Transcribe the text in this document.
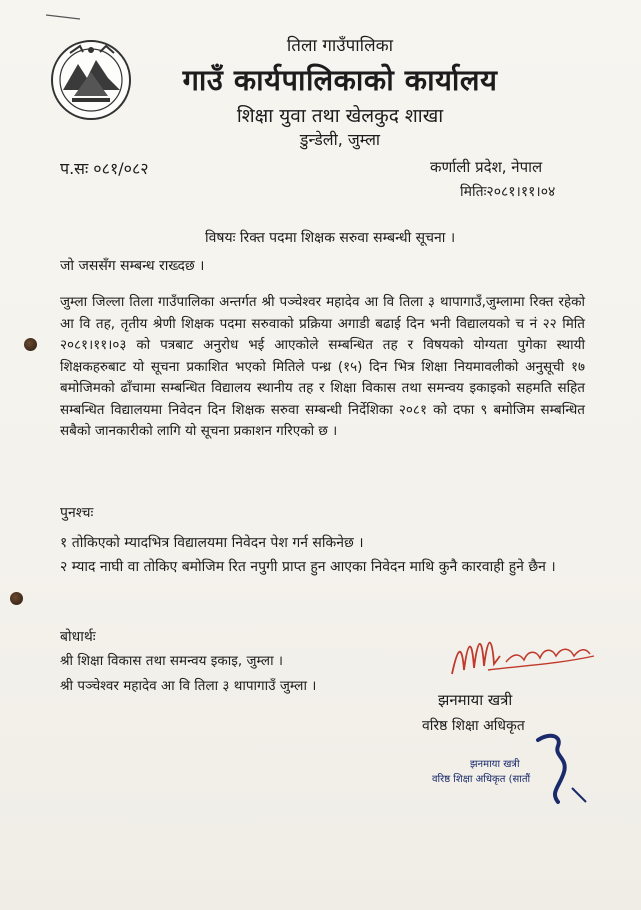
तिला गाउँपालिका
गाउँ कार्यपालिकाको कार्यालय
शिक्षा युवा तथा खेलकुद शाखा
डुन्डेली, जुम्ला
प.सः ०८१/०८२	कर्णाली प्रदेश, नेपाल
मितिः२०८१।११।०४
विषयः रिक्त पदमा शिक्षक सरुवा सम्बन्धी सूचना ।
जो जससँग सम्बन्ध राख्दछ ।
जुम्ला जिल्ला तिला गाउँपालिका अन्तर्गत श्री पञ्चेश्वर महादेव आ वि तिला ३ थापागाउँ,जुम्लामा रिक्त रहेको आ वि तह, तृतीय श्रेणी शिक्षक पदमा सरुवाको प्रक्रिया अगाडी बढाई दिन भनी विद्यालयको च नं २२ मिति २०८१।११।०३ को पत्रबाट अनुरोध भई आएकोले सम्बन्धित तह र विषयको योग्यता पुगेका स्थायी शिक्षकहरुबाट यो सूचना प्रकाशित भएको मितिले पन्ध्र (१५) दिन भित्र शिक्षा नियमावलीको अनुसूची १७ बमोजिमको ढाँचामा सम्बन्धित विद्यालय स्थानीय तह र शिक्षा विकास तथा समन्वय इकाइको सहमति सहित सम्बन्धित विद्यालयमा निवेदन दिन शिक्षक सरुवा सम्बन्धी निर्देशिका २०८१ को दफा ९ बमोजिम सम्बन्धित सबैको जानकारीको लागि यो सूचना प्रकाशन गरिएको छ ।
पुनश्चः
१ तोकिएको म्यादभित्र विद्यालयमा निवेदन पेश गर्न सकिनेछ ।
२ म्याद नाघी वा तोकिए बमोजिम रित नपुगी प्राप्त हुन आएका निवेदन माथि कुनै कारवाही हुने छैन ।
बोधार्थः
श्री शिक्षा विकास तथा समन्वय इकाइ, जुम्ला ।
श्री पञ्चेश्वर महादेव आ वि तिला ३ थापागाउँ जुम्ला ।
झनमाया खत्री
वरिष्ठ शिक्षा अधिकृत
झनमाया खत्री
वरिष्ठ शिक्षा अधिकृत (सातौं
